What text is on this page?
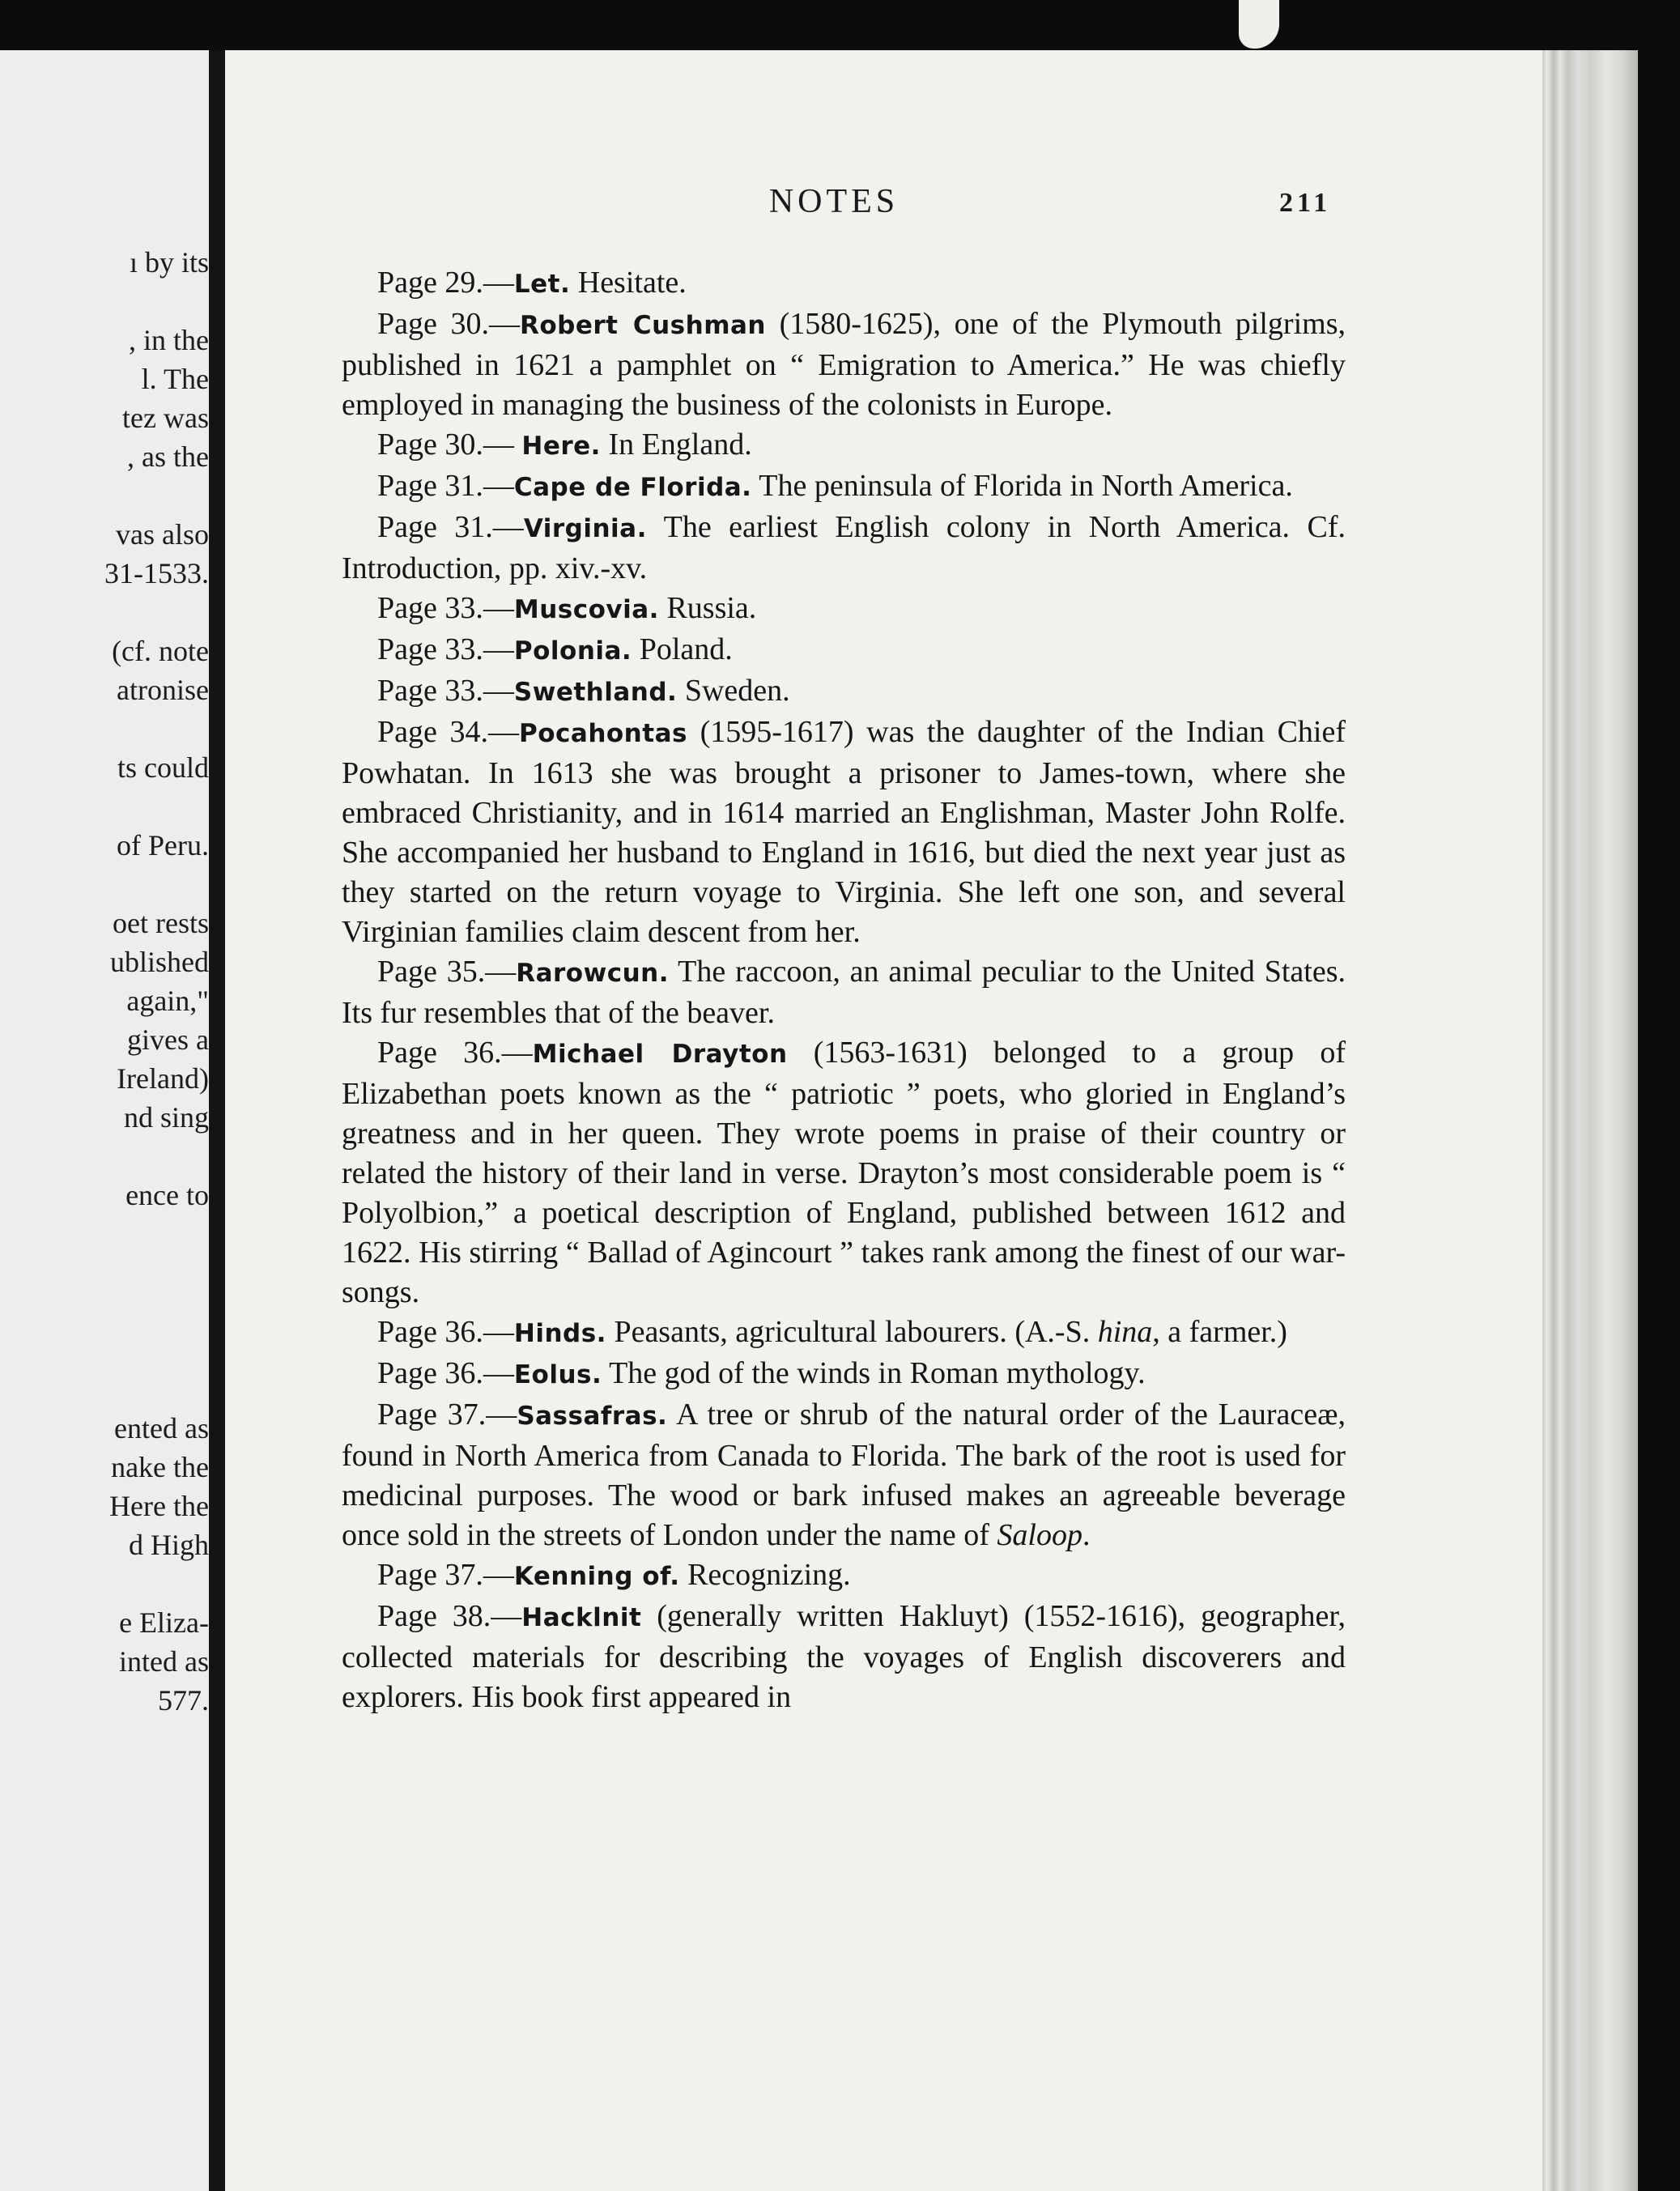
ı by its
, in the
l. The
tez was
, as the
vas also
31-1533.
(cf. note
atronise
ts could
of Peru.
oet rests
ublished
again,"
gives a
Ireland)
nd sing
ence to
ented as
nake the
Here the
d High
e Eliza-
inted as
577.
NOTES	211

Page 29.—Let. Hesitate.

Page 30.—Robert Cushman (1580-1625), one of the Plymouth pilgrims, published in 1621 a pamphlet on “ Emigration to America.” He was chiefly employed in managing the business of the colonists in Europe.

Page 30.— Here. In England.

Page 31.—Cape de Florida. The peninsula of Florida in North America.

Page 31.—Virginia. The earliest English colony in North America. Cf. Introduction, pp. xiv.-xv.

Page 33.—Muscovia. Russia.

Page 33.—Polonia. Poland.

Page 33.—Swethland. Sweden.

Page 34.—Pocahontas (1595-1617) was the daughter of the Indian Chief Powhatan. In 1613 she was brought a prisoner to James-town, where she embraced Christianity, and in 1614 married an Englishman, Master John Rolfe. She accompanied her husband to England in 1616, but died the next year just as they started on the return voyage to Virginia. She left one son, and several Virginian families claim descent from her.

Page 35.—Rarowcun. The raccoon, an animal peculiar to the United States. Its fur resembles that of the beaver.

Page 36.—Michael Drayton (1563-1631) belonged to a group of Elizabethan poets known as the “ patriotic ” poets, who gloried in England’s greatness and in her queen. They wrote poems in praise of their country or related the history of their land in verse. Drayton’s most considerable poem is “ Polyolbion,” a poetical description of England, published between 1612 and 1622. His stirring “ Ballad of Agincourt ” takes rank among the finest of our war-songs.

Page 36.—Hinds. Peasants, agricultural labourers. (A.-S. hina, a farmer.)

Page 36.—Eolus. The god of the winds in Roman mythology.

Page 37.—Sassafras. A tree or shrub of the natural order of the Lauraceæ, found in North America from Canada to Florida. The bark of the root is used for medicinal purposes. The wood or bark infused makes an agreeable beverage once sold in the streets of London under the name of Saloop.

Page 37.—Kenning of. Recognizing.

Page 38.—Hacklnit (generally written Hakluyt) (1552-1616), geographer, collected materials for describing the voyages of English discoverers and explorers. His book first appeared in
